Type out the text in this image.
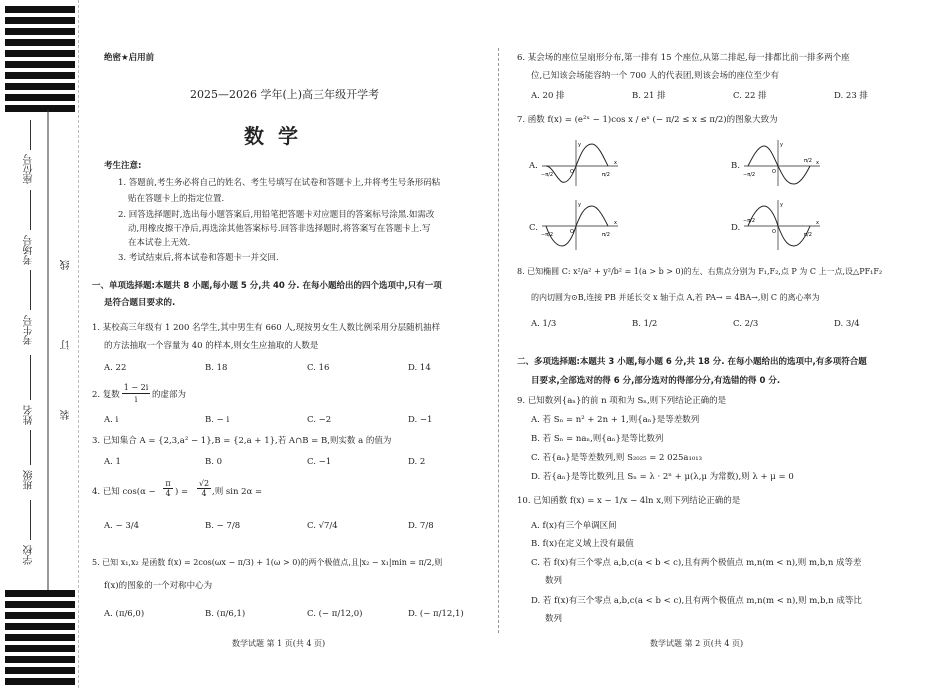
座位号
考场号
考生号
姓名
班级
学校
线
订
装
绝密★启用前
2025—2026 学年(上)高三年级开学考
数学
考生注意:
1. 答题前,考生务必将自己的姓名、考生号填写在试卷和答题卡上,并将考生号条形码粘
贴在答题卡上的指定位置.
2. 回答选择题时,选出每小题答案后,用铅笔把答题卡对应题目的答案标号涂黑.如需改
动,用橡皮擦干净后,再选涂其他答案标号.回答非选择题时,将答案写在答题卡上.写
在本试卷上无效.
3. 考试结束后,将本试卷和答题卡一并交回.
一、单项选择题:本题共 8 小题,每小题 5 分,共 40 分. 在每小题给出的四个选项中,只有一项
是符合题目要求的.
1. 某校高三年级有 1 200 名学生,其中男生有 660 人,现按男女生人数比例采用分层随机抽样
的方法抽取一个容量为 40 的样本,则女生应抽取的人数是
A. 22	B. 18	C. 16	D. 14
2. 复数
1 − 2i
i	的虚部为
A. i	B. − i	C. −2	D. −1
3. 已知集合 A = {2,3,a² − 1},B = {2,a + 1},若 A∩B = B,则实数 a 的值为
A. 1	B. 0	C. −1	D. 2
4. 已知 cos(α −
π
4 ) =
√2
4 ,则 sin 2α =
A. − 3/4	B. − 7/8	C. √7/4	D. 7/8
5. 已知 x₁,x₂ 是函数 f(x) = 2cos(ωx − π/3) + 1(ω > 0)的两个极值点,且|x₂ − x₁|min = π/2,则
f(x)的图象的一个对称中心为
A. (π/6,0)	B. (π/6,1)	C. (− π/12,0)	D. (− π/12,1)
数学试题 第 1 页(共 4 页)
6. 某会场的座位呈扇形分布,第一排有 15 个座位,从第二排起,每一排都比前一排多两个座
位,已知该会场能容纳一个 700 人的代表团,则该会场的座位至少有
A. 20 排	B. 21 排	C. 22 排	D. 23 排
7. 函数 f(x) = (e²ˣ − 1)cos x / eˣ (− π/2 ≤ x ≤ π/2)的图象大致为
A.
−π/2	π/2
O
y
x	B.
−π/2
π/2
O
y
x
C.
−π/2	π/2
O
y
x	D.
−π/2
π/2
O
y
x
8. 已知椭圆 C: x²/a² + y²/b² = 1(a > b > 0)的左、右焦点分别为 F₁,F₂,点 P 为 C 上一点,设△PF₁F₂
的内切圆为⊙B,连接 PB 并延长交 x 轴于点 A,若 PA→ = 4BA→,则 C 的离心率为
A. 1/3	B. 1/2	C. 2/3	D. 3/4
二、多项选择题:本题共 3 小题,每小题 6 分,共 18 分. 在每小题给出的选项中,有多项符合题
目要求,全部选对的得 6 分,部分选对的得部分分,有选错的得 0 分.
9. 已知数列{aₙ}的前 n 项和为 Sₙ,则下列结论正确的是
A. 若 Sₙ = n² + 2n + 1,则{aₙ}是等差数列
B. 若 Sₙ = naₙ,则{aₙ}是等比数列
C. 若{aₙ}是等差数列,则 S₂₀₂₅ = 2 025a₁₀₁₃
D. 若{aₙ}是等比数列,且 Sₙ = λ · 2ⁿ + μ(λ,μ 为常数),则 λ + μ = 0
10. 已知函数 f(x) = x − 1/x − 4ln x,则下列结论正确的是
A. f(x)有三个单调区间
B. f(x)在定义域上没有最值
C. 若 f(x)有三个零点 a,b,c(a < b < c),且有两个极值点 m,n(m < n),则 m,b,n 成等差
数列
D. 若 f(x)有三个零点 a,b,c(a < b < c),且有两个极值点 m,n(m < n),则 m,b,n 成等比
数列
数学试题 第 2 页(共 4 页)
